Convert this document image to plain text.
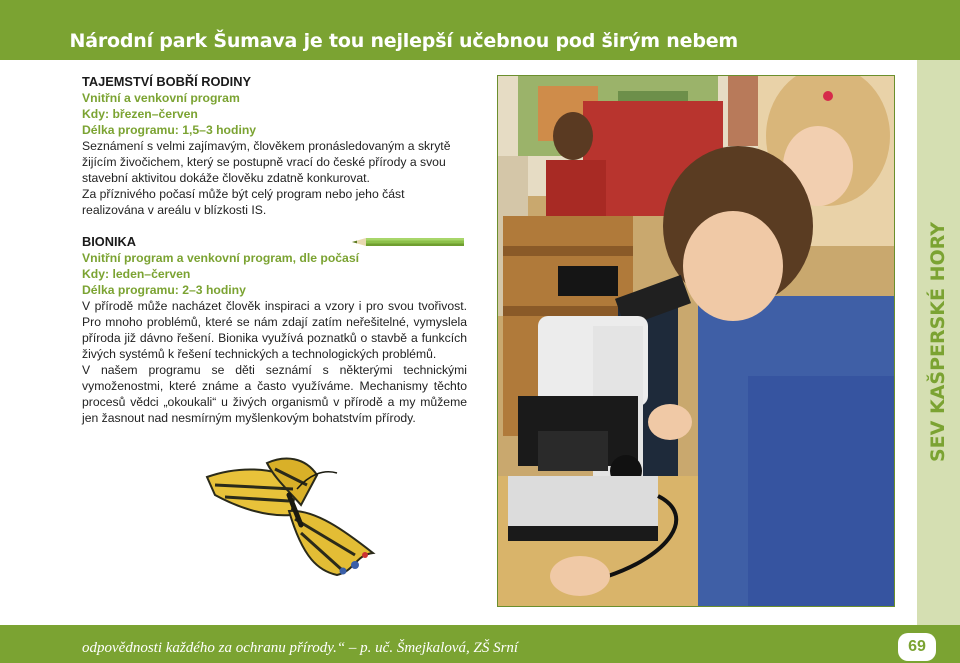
Národní park Šumava je tou nejlepší učebnou pod širým nebem
SEV KAŠPERSKÉ HORY
TAJEMSTVÍ BOBŘÍ RODINY
Vnitřní a venkovní program
Kdy: březen–červen
Délka programu: 1,5–3 hodiny

Seznámení s velmi zajímavým, člověkem pronásledovaným a skrytě žijícím živočichem, který se postupně vrací do české přírody a svou stavební aktivitou dokáže člověku zdatně konkurovat.

Za příznivého počasí může být celý program nebo jeho část realizována v areálu v blízkosti IS.

BIONIKA
Vnitřní program a venkovní program, dle počasí
Kdy: leden–červen
Délka programu: 2–3 hodiny

V přírodě může nacházet člověk inspiraci a vzory i pro svou tvořivost. Pro mnoho problémů, které se nám zdají zatím neřešitelné, vymyslela příroda již dávno řešení. Bionika využívá poznatků o stavbě a funkcích živých systémů k řešení technických a technologických problémů.

V našem programu se děti seznámí s některými technickými vymoženostmi, které známe a často využíváme. Mechanismy těchto procesů vědci „okoukali“ u živých organismů v přírodě a my můžeme jen žasnout nad nesmírným myšlenkovým bohatstvím přírody.

odpovědnosti každého za ochranu přírody.“ – p. uč. Šmejkalová, ZŠ Srní	69
